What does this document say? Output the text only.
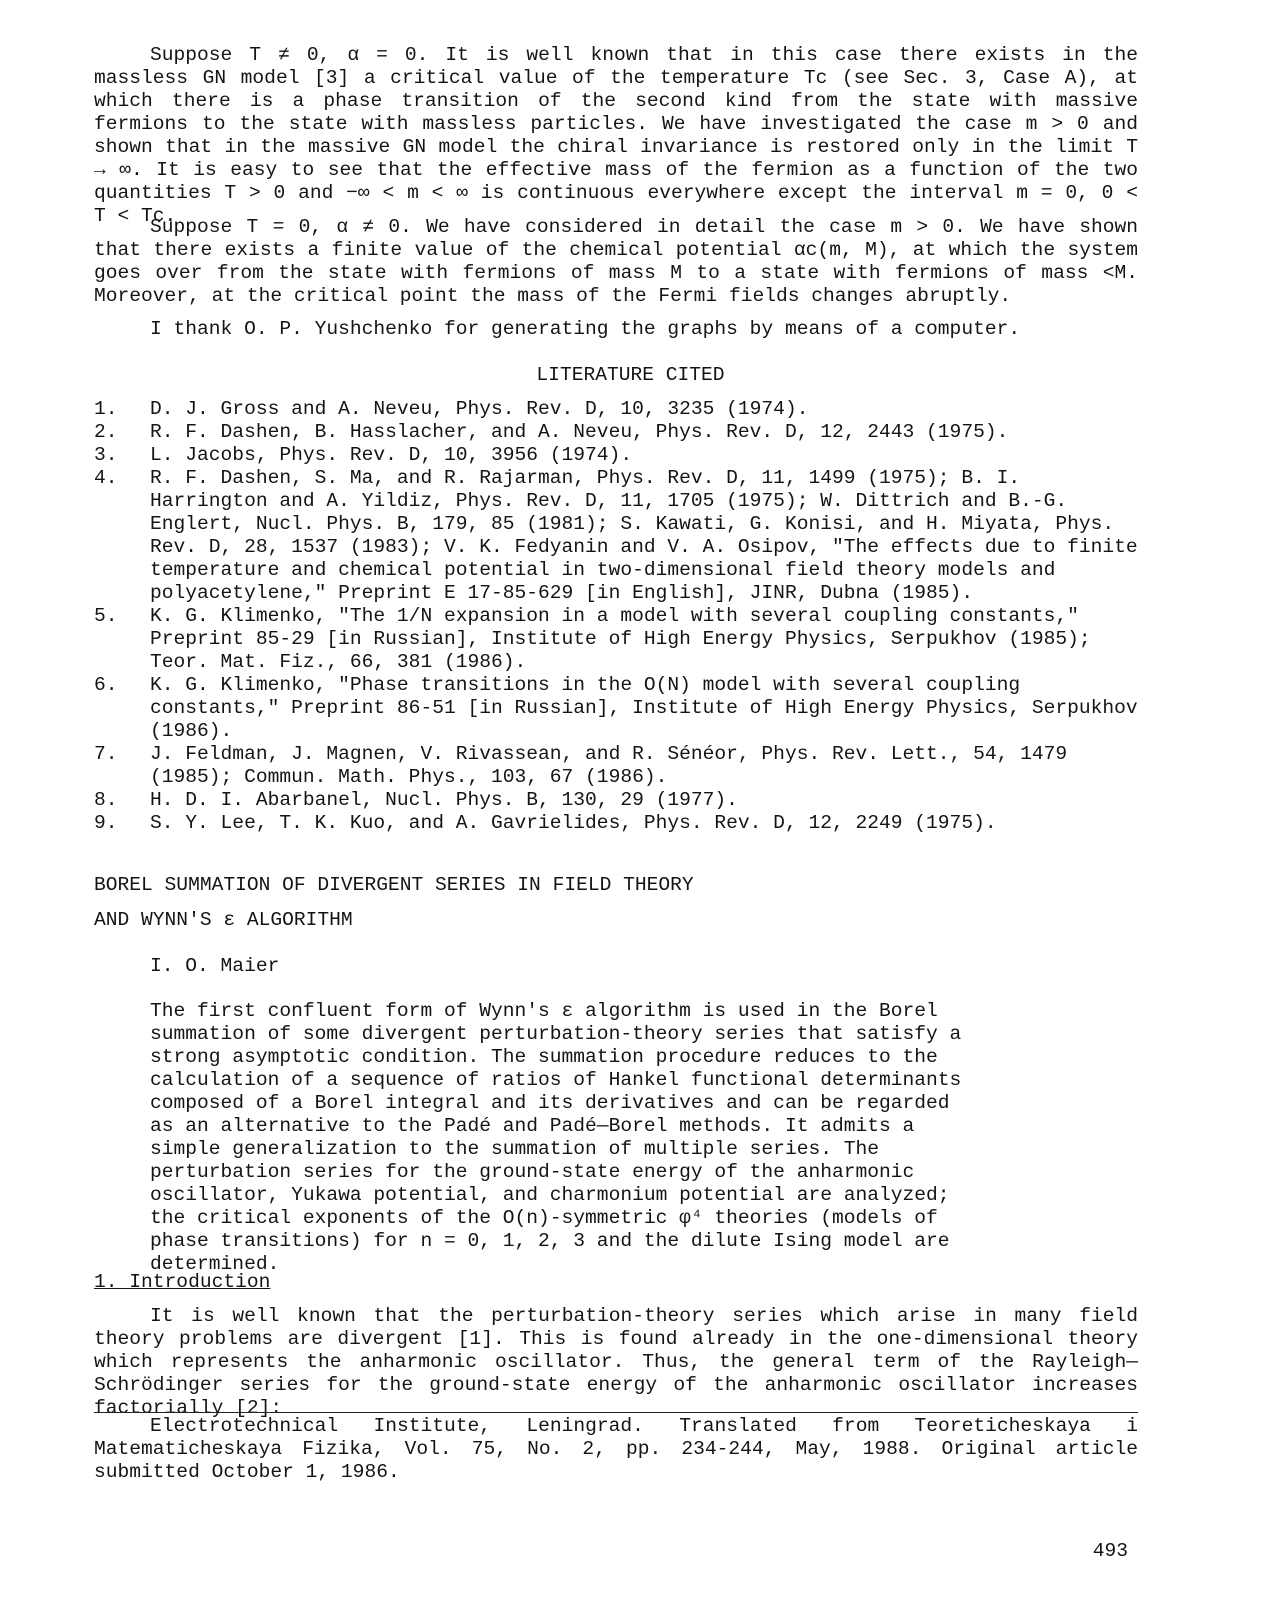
Suppose T ≠ 0, α = 0. It is well known that in this case there exists in the massless GN model [3] a critical value of the temperature Tc (see Sec. 3, Case A), at which there is a phase transition of the second kind from the state with massive fermions to the state with massless particles. We have investigated the case m > 0 and shown that in the massive GN model the chiral invariance is restored only in the limit T → ∞. It is easy to see that the effective mass of the fermion as a function of the two quantities T > 0 and −∞ < m < ∞ is continuous everywhere except the interval m = 0, 0 < T < Tc.

Suppose T = 0, α ≠ 0. We have considered in detail the case m > 0. We have shown that there exists a finite value of the chemical potential αc(m, M), at which the system goes over from the state with fermions of mass M to a state with fermions of mass <M. Moreover, at the critical point the mass of the Fermi fields changes abruptly.

I thank O. P. Yushchenko for generating the graphs by means of a computer.

LITERATURE CITED

1. D. J. Gross and A. Neveu, Phys. Rev. D, 10, 3235 (1974).
2. R. F. Dashen, B. Hasslacher, and A. Neveu, Phys. Rev. D, 12, 2443 (1975).
3. L. Jacobs, Phys. Rev. D, 10, 3956 (1974).
4. R. F. Dashen, S. Ma, and R. Rajarman, Phys. Rev. D, 11, 1499 (1975); B. I. Harrington and A. Yildiz, Phys. Rev. D, 11, 1705 (1975); W. Dittrich and B.-G. Englert, Nucl. Phys. B, 179, 85 (1981); S. Kawati, G. Konisi, and H. Miyata, Phys. Rev. D, 28, 1537 (1983); V. K. Fedyanin and V. A. Osipov, "The effects due to finite temperature and chemical potential in two-dimensional field theory models and polyacetylene," Preprint E 17-85-629 [in English], JINR, Dubna (1985).
5. K. G. Klimenko, "The 1/N expansion in a model with several coupling constants," Preprint 85-29 [in Russian], Institute of High Energy Physics, Serpukhov (1985); Teor. Mat. Fiz., 66, 381 (1986).
6. K. G. Klimenko, "Phase transitions in the O(N) model with several coupling constants," Preprint 86-51 [in Russian], Institute of High Energy Physics, Serpukhov (1986).
7. J. Feldman, J. Magnen, V. Rivassean, and R. Sénéor, Phys. Rev. Lett., 54, 1479 (1985); Commun. Math. Phys., 103, 67 (1986).
8. H. D. I. Abarbanel, Nucl. Phys. B, 130, 29 (1977).
9. S. Y. Lee, T. K. Kuo, and A. Gavrielides, Phys. Rev. D, 12, 2249 (1975).

BOREL SUMMATION OF DIVERGENT SERIES IN FIELD THEORY

AND WYNN'S ε ALGORITHM

I. O. Maier

The first confluent form of Wynn's ε algorithm is used in the Borel summation of some divergent perturbation-theory series that satisfy a strong asymptotic condition. The summation procedure reduces to the calculation of a sequence of ratios of Hankel functional determinants composed of a Borel integral and its derivatives and can be regarded as an alternative to the Padé and Padé—Borel methods. It admits a simple generalization to the summation of multiple series. The perturbation series for the ground-state energy of the anharmonic oscillator, Yukawa potential, and charmonium potential are analyzed; the critical exponents of the O(n)-symmetric φ⁴ theories (models of phase transitions) for n = 0, 1, 2, 3 and the dilute Ising model are determined.

1. Introduction

It is well known that the perturbation-theory series which arise in many field theory problems are divergent [1]. This is found already in the one-dimensional theory which represents the anharmonic oscillator. Thus, the general term of the Rayleigh—Schrödinger series for the ground-state energy of the anharmonic oscillator increases factorially [2]:

Electrotechnical Institute, Leningrad. Translated from Teoreticheskaya i Matematicheskaya Fizika, Vol. 75, No. 2, pp. 234-244, May, 1988. Original article submitted October 1, 1986.

493
